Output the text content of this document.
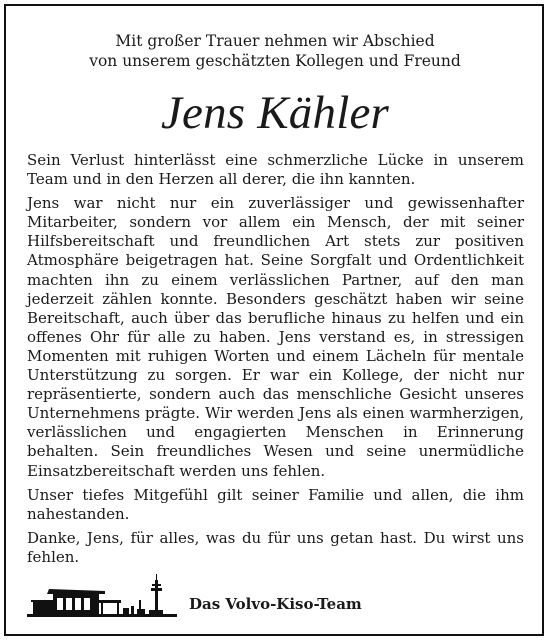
Mit großer Trauer nehmen wir Abschied
von unserem geschätzten Kollegen und Freund
Jens Kähler

Sein Verlust hinterlässt eine schmerzliche Lücke in unserem Team und in den Herzen all derer, die ihn kannten.

Jens war nicht nur ein zuverlässiger und gewissenhafter Mitarbeiter, sondern vor allem ein Mensch, der mit seiner Hilfsbereitschaft und freundlichen Art stets zur positiven Atmosphäre beigetragen hat. Seine Sorgfalt und Ordentlichkeit machten ihn zu einem verlässlichen Partner, auf den man jederzeit zählen konnte. Besonders geschätzt haben wir seine Bereitschaft, auch über das berufliche hinaus zu helfen und ein offenes Ohr für alle zu haben. Jens verstand es, in stressigen Momenten mit ruhigen Worten und einem Lächeln für mentale Unterstützung zu sorgen. Er war ein Kollege, der nicht nur repräsentierte, sondern auch das menschliche Gesicht unseres Unternehmens prägte. Wir werden Jens als einen warmherzigen, verlässlichen und engagierten Menschen in Erinnerung behalten. Sein freundliches Wesen und seine unermüdliche Einsatzbereitschaft werden uns fehlen.

Unser tiefes Mitgefühl gilt seiner Familie und allen, die ihm nahestanden.

Danke, Jens, für alles, was du für uns getan hast. Du wirst uns fehlen.

Das Volvo-Kiso-Team
